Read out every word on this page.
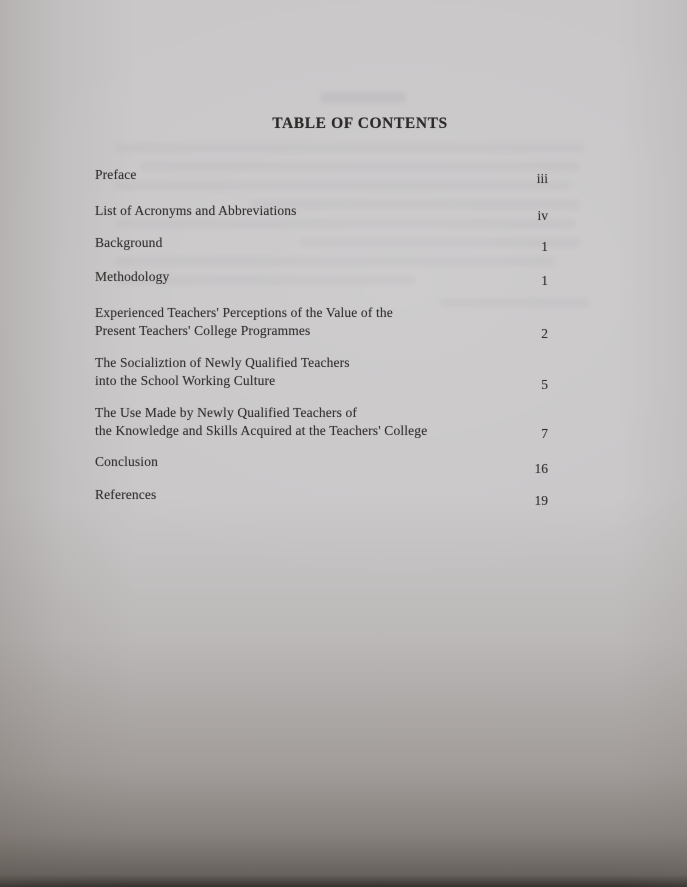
TABLE OF CONTENTS
Preface	iii
List of Acronyms and Abbreviations	iv
Background	1
Methodology	1
Experienced Teachers' Perceptions of the Value of the
Present Teachers' College Programmes	2
The Socializtion of Newly Qualified Teachers
into the School Working Culture	5
The Use Made by Newly Qualified Teachers of
the Knowledge and Skills Acquired at the Teachers' College	7
Conclusion	16
References	19
